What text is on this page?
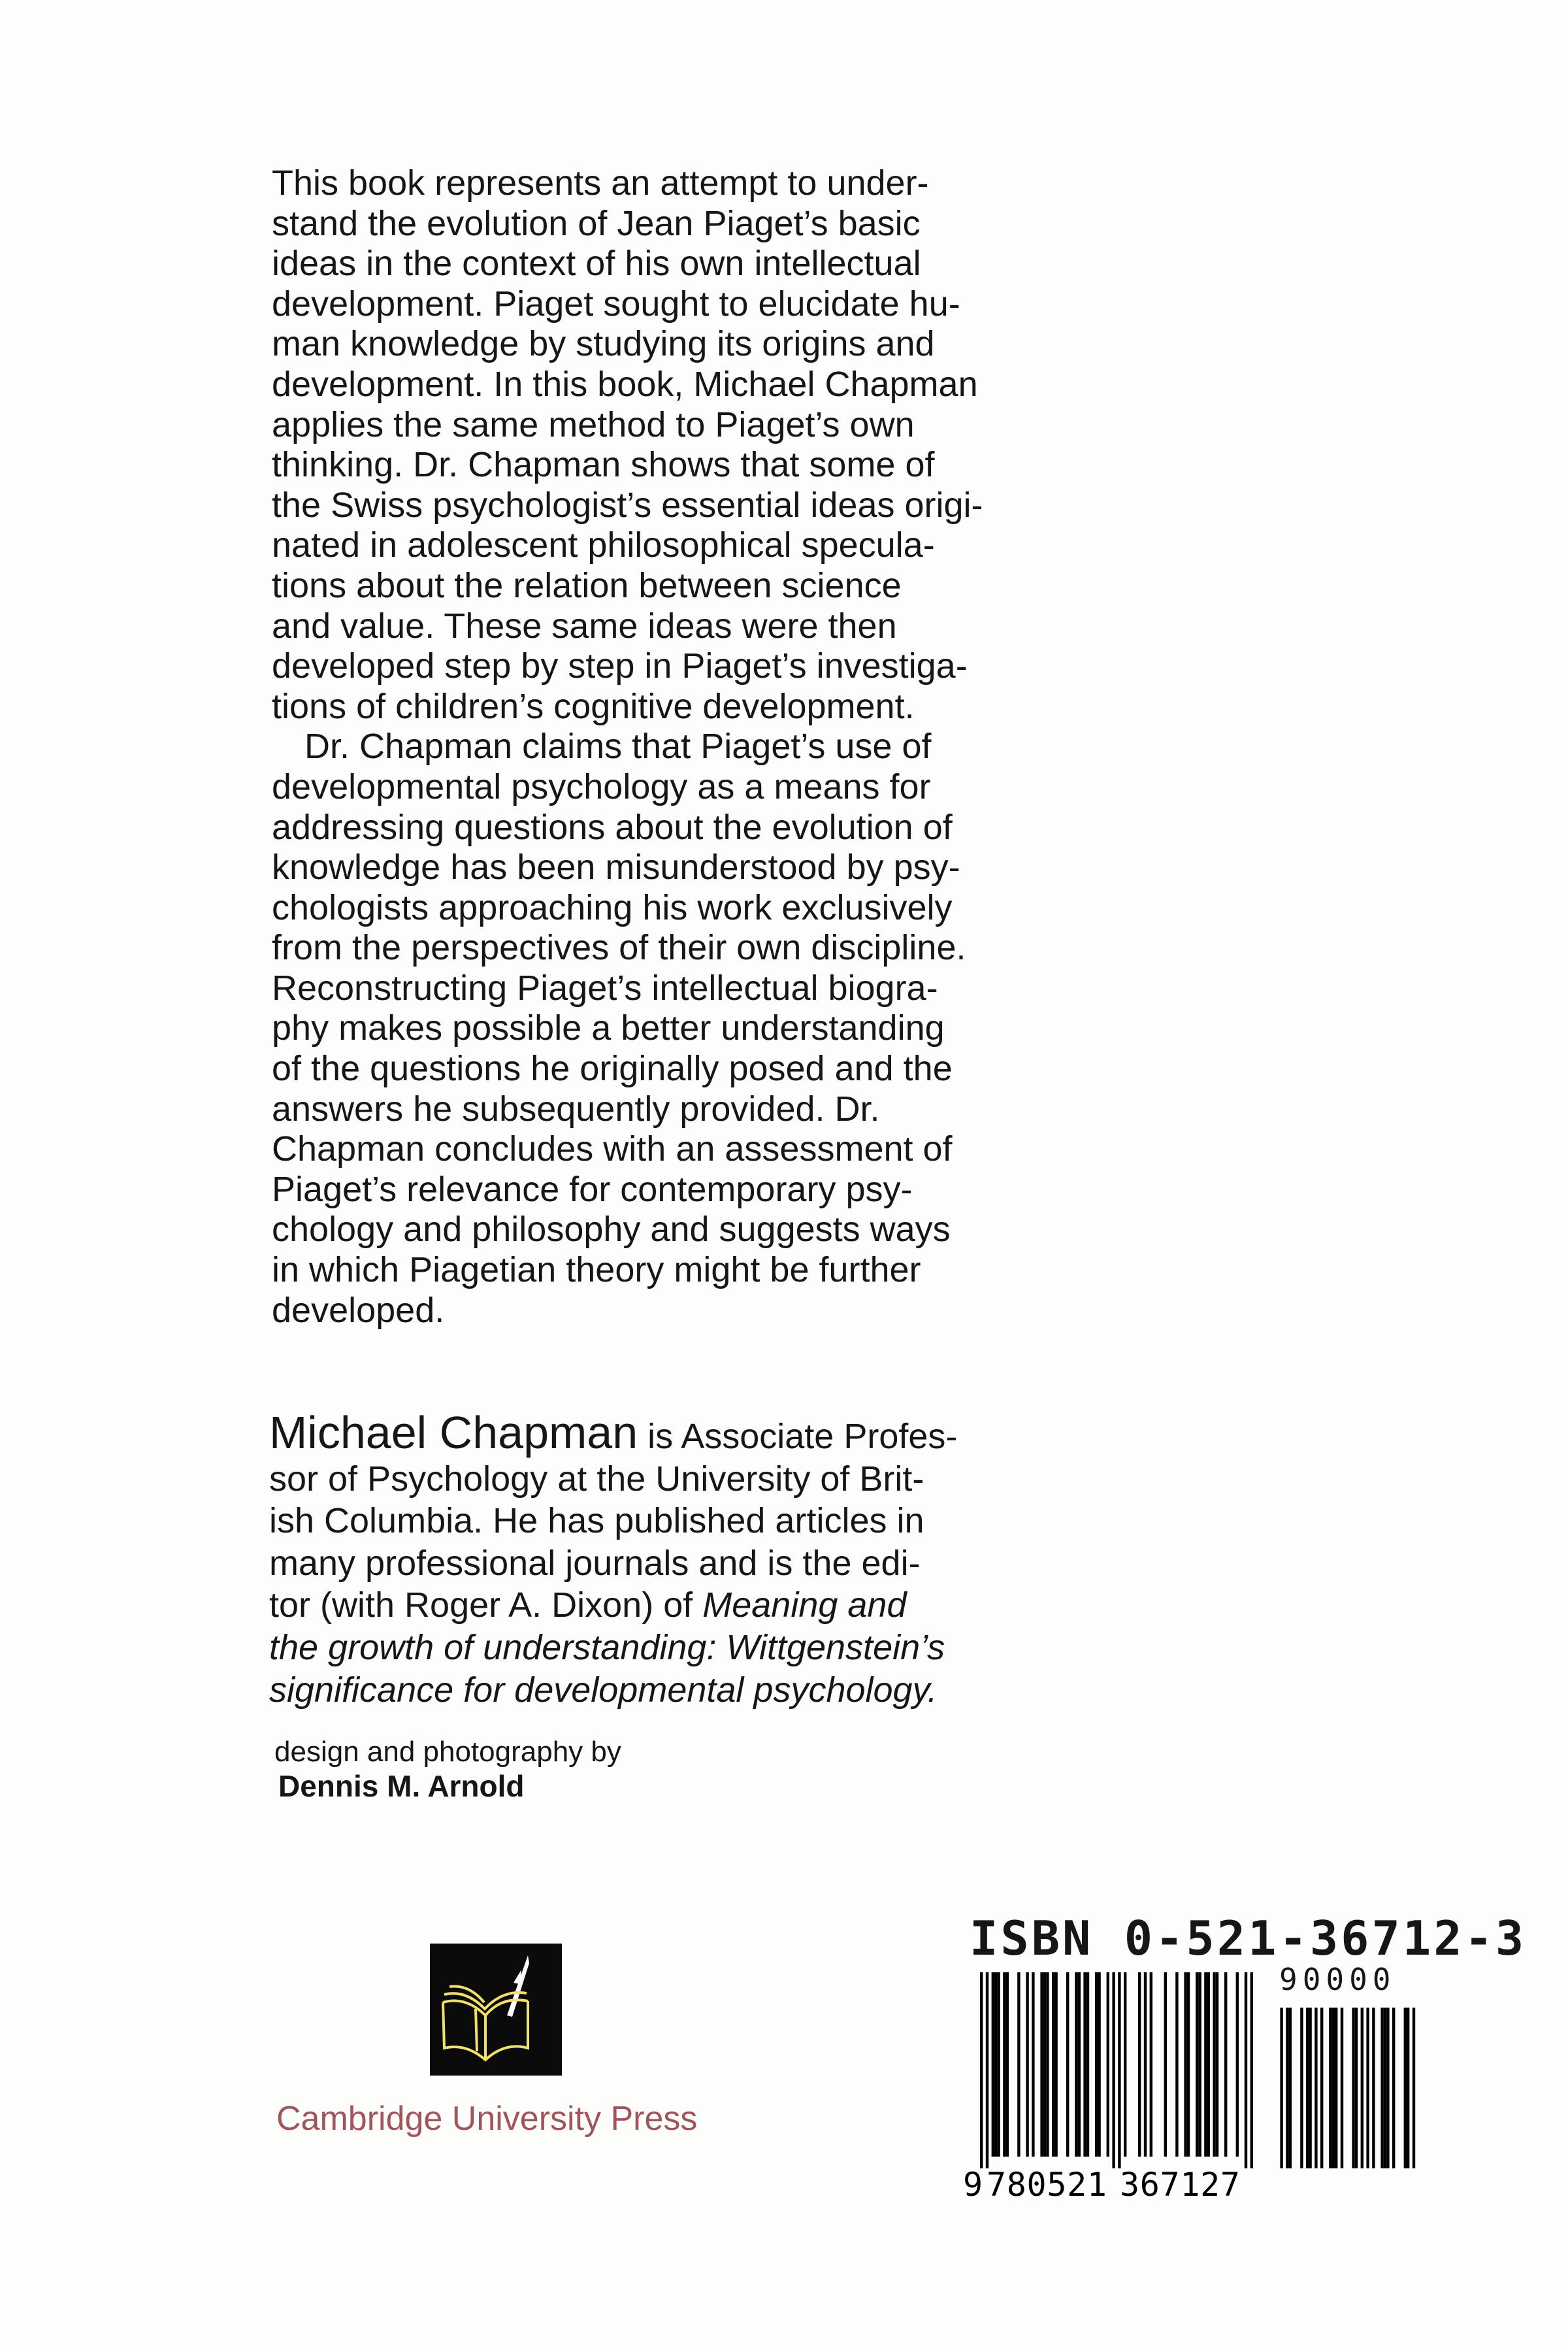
This book represents an attempt to under-
stand the evolution of Jean Piaget’s basic
ideas in the context of his own intellectual
development. Piaget sought to elucidate hu-
man knowledge by studying its origins and
development. In this book, Michael Chapman
applies the same method to Piaget’s own
thinking. Dr. Chapman shows that some of
the Swiss psychologist’s essential ideas origi-
nated in adolescent philosophical specula-
tions about the relation between science
and value. These same ideas were then
developed step by step in Piaget’s investiga-
tions of children’s cognitive development.
Dr. Chapman claims that Piaget’s use of
developmental psychology as a means for
addressing questions about the evolution of
knowledge has been misunderstood by psy-
chologists approaching his work exclusively
from the perspectives of their own discipline.
Reconstructing Piaget’s intellectual biogra-
phy makes possible a better understanding
of the questions he originally posed and the
answers he subsequently provided. Dr.
Chapman concludes with an assessment of
Piaget’s relevance for contemporary psy-
chology and philosophy and suggests ways
in which Piagetian theory might be further
developed.
Michael Chapman is Associate Profes-
sor of Psychology at the University of Brit-
ish Columbia. He has published articles in
many professional journals and is the edi-
tor (with Roger A. Dixon) of Meaning and
the growth of understanding: Wittgenstein’s
significance for developmental psychology.
design and photography by
Dennis M. Arnold
Cambridge University Press
ISBN 0-521-36712-3
90000
9 780521 367127
